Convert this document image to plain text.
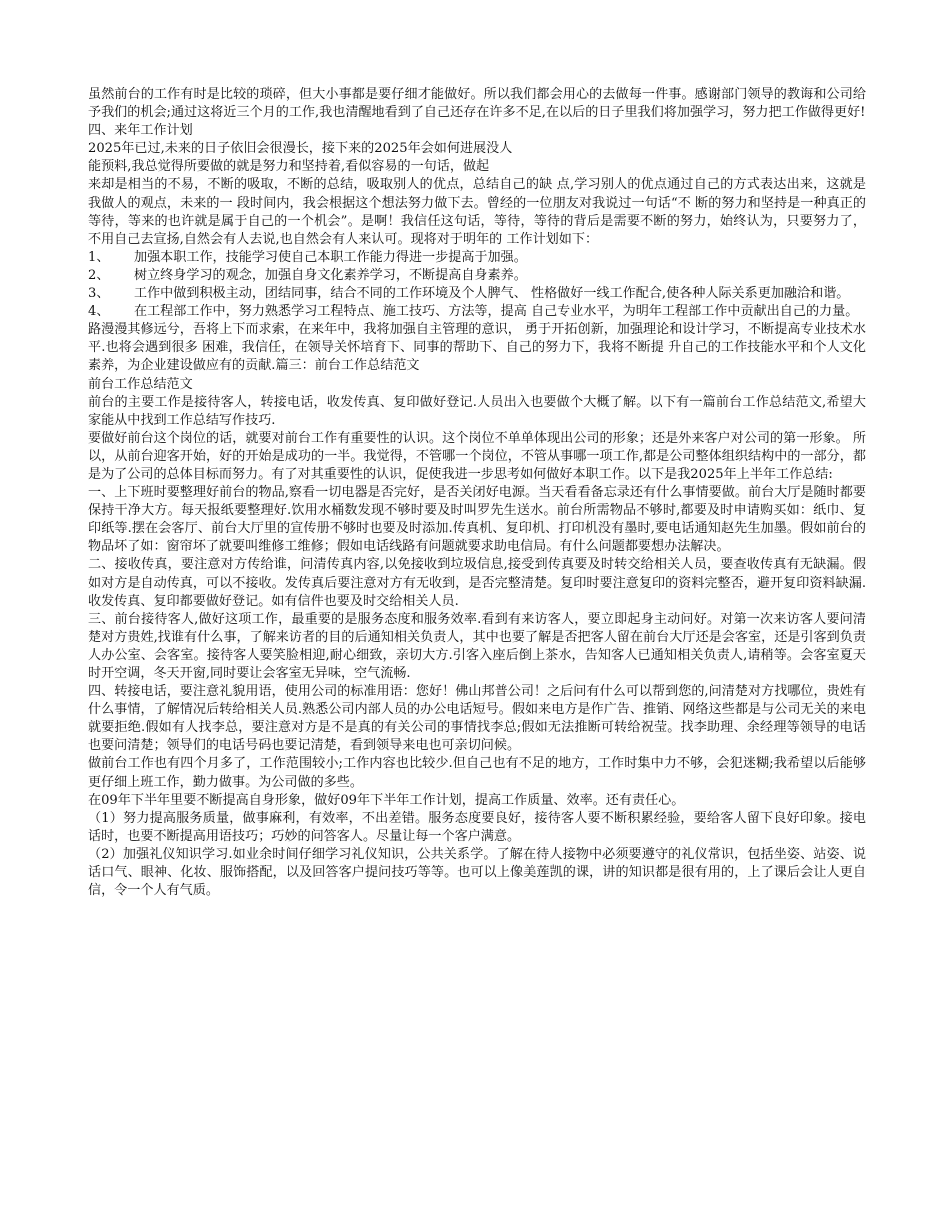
虽然前台的工作有时是比较的琐碎，但大小事都是要仔细才能做好。所以我们都会用心的去做每一件事。感谢部门领导的教诲和公司给予我们的机会;通过这将近三个月的工作,我也清醒地看到了自己还存在许多不足,在以后的日子里我们将加强学习，努力把工作做得更好!

四、来年工作计划

2025年已过,未来的日子依旧会很漫长，接下来的2025年会如何进展没人

能预料,我总觉得所要做的就是努力和坚持着,看似容易的一句话，做起

来却是相当的不易，不断的吸取，不断的总结，吸取别人的优点，总结自己的缺 点,学习别人的优点通过自己的方式表达出来，这就是我做人的观点，未来的一 段时间内，我会根据这个想法努力做下去。曾经的一位朋友对我说过一句话“不 断的努力和坚持是一种真正的等待，等来的也许就是属于自己的一个机会”。是啊！我信任这句话，等待，等待的背后是需要不断的努力，始终认为，只要努力了，不用自己去宣扬,自然会有人去说,也自然会有人来认可。现将对于明年的 工作计划如下：

1、	加强本职工作，技能学习使自己本职工作能力得进一步提高于加强。
2、	树立终身学习的观念，加强自身文化素养学习，不断提高自身素养。
3、	工作中做到积极主动，团结同事，结合不同的工作环境及个人脾气、 性格做好一线工作配合,使各种人际关系更加融洽和谐。
4、	在工程部工作中，努力熟悉学习工程特点、施工技巧、方法等，提高 自己专业水平，为明年工程部工作中贡献出自己的力量。

路漫漫其修远兮，吾将上下而求索，在来年中，我将加强自主管理的意识， 勇于开拓创新，加强理论和设计学习，不断提高专业技术水平.也将会遇到很多 困难，我信任，在领导关怀培育下、同事的帮助下、自己的努力下，我将不断提 升自己的工作技能水平和个人文化素养，为企业建设做应有的贡献.篇三：前台工作总结范文

前台工作总结范文

前台的主要工作是接待客人，转接电话，收发传真、复印做好登记.人员出入也要做个大概了解。以下有一篇前台工作总结范文,希望大家能从中找到工作总结写作技巧.

要做好前台这个岗位的话，就要对前台工作有重要性的认识。这个岗位不单单体现出公司的形象；还是外来客户对公司的第一形象。 所以，从前台迎客开始，好的开始是成功的一半。我觉得，不管哪一个岗位，不管从事哪一项工作,都是公司整体组织结构中的一部分，都是为了公司的总体目标而努力。有了对其重要性的认识，促使我进一步思考如何做好本职工作。以下是我2025年上半年工作总结:

一、上下班时要整理好前台的物品,察看一切电器是否完好，是否关闭好电源。当天看看备忘录还有什么事情要做。前台大厅是随时都要保持干净大方。每天报纸要整理好.饮用水桶数发现不够时要及时叫罗先生送水。前台所需物品不够时,都要及时申请购买如：纸巾、复印纸等.摆在会客厅、前台大厅里的宣传册不够时也要及时添加.传真机、复印机、打印机没有墨时,要电话通知赵先生加墨。假如前台的物品坏了如：窗帘坏了就要叫维修工维修；假如电话线路有问题就要求助电信局。有什么问题都要想办法解决。

二、接收传真，要注意对方传给谁，问清传真内容,以免接收到垃圾信息,接受到传真要及时转交给相关人员，要查收传真有无缺漏。假如对方是自动传真，可以不接收。发传真后要注意对方有无收到，是否完整清楚。复印时要注意复印的资料完整否，避开复印资料缺漏.收发传真、复印都要做好登记。如有信件也要及时交给相关人员.

三、前台接待客人,做好这项工作，最重要的是服务态度和服务效率.看到有来访客人，要立即起身主动问好。对第一次来访客人要问清楚对方贵姓,找谁有什么事，了解来访者的目的后通知相关负责人，其中也要了解是否把客人留在前台大厅还是会客室，还是引客到负责人办公室、会客室。接待客人要笑脸相迎,耐心细致，亲切大方.引客入座后倒上茶水，告知客人已通知相关负责人,请稍等。会客室夏天时开空调，冬天开窗,同时要让会客室无异味，空气流畅.

四、转接电话，要注意礼貌用语，使用公司的标准用语：您好！佛山邦普公司！之后问有什么可以帮到您的,问清楚对方找哪位，贵姓有什么事情，了解情况后转给相关人员.熟悉公司内部人员的办公电话短号。假如来电方是作广告、推销、网络这些都是与公司无关的来电就要拒绝.假如有人找李总，要注意对方是不是真的有关公司的事情找李总;假如无法推断可转给祝莹。找李助理、余经理等领导的电话也要问清楚；领导们的电话号码也要记清楚，看到领导来电也可亲切问候。

做前台工作也有四个月多了，工作范围较小;工作内容也比较少.但自己也有不足的地方，工作时集中力不够，会犯迷糊;我希望以后能够更仔细上班工作，勤力做事。为公司做的多些。

在09年下半年里要不断提高自身形象，做好09年下半年工作计划，提高工作质量、效率。还有责任心。

（1）努力提高服务质量，做事麻利，有效率，不出差错。服务态度要良好，接待客人要不断积累经验，要给客人留下良好印象。接电话时，也要不断提高用语技巧；巧妙的问答客人。尽量让每一个客户满意。

（2）加强礼仪知识学习.如业余时间仔细学习礼仪知识，公共关系学。了解在待人接物中必须要遵守的礼仪常识，包括坐姿、站姿、说话口气、眼神、化妆、服饰搭配，以及回答客户提问技巧等等。也可以上像美莲凯的课，讲的知识都是很有用的，上了课后会让人更自信，令一个人有气质。
